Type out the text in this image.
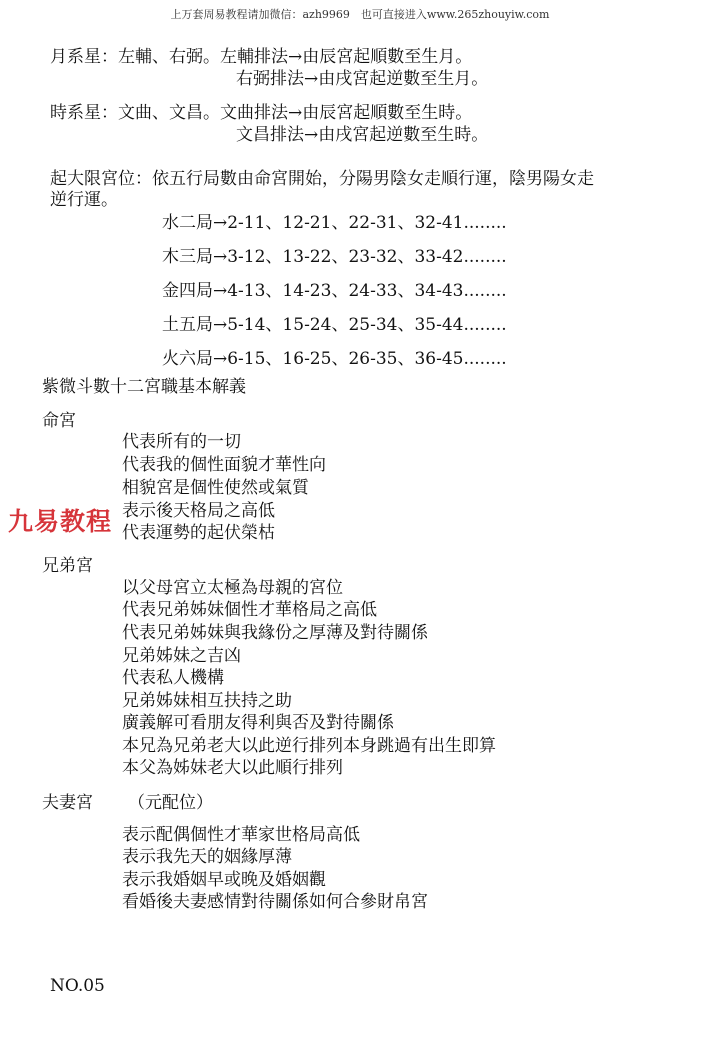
上万套周易教程请加微信：azh9969　也可直接进入www.265zhouyiw.com
月系星：左輔、右弼。左輔排法→由辰宮起順數至生月。
右弼排法→由戌宮起逆數至生月。
時系星：文曲、文昌。文曲排法→由辰宮起順數至生時。
文昌排法→由戌宮起逆數至生時。
起大限宮位：依五行局數由命宮開始，分陽男陰女走順行運，陰男陽女走
逆行運。
水二局→2-11、12-21、22-31、32-41........
木三局→3-12、13-22、23-32、33-42........
金四局→4-13、14-23、24-33、34-43........
土五局→5-14、15-24、25-34、35-44........
火六局→6-15、16-25、26-35、36-45........
紫微斗數十二宮職基本解義
命宮
代表所有的一切
代表我的個性面貌才華性向
相貌宮是個性使然或氣質
表示後天格局之高低
代表運勢的起伏榮枯
九易教程
兄弟宮
以父母宮立太極為母親的宮位
代表兄弟姊妹個性才華格局之高低
代表兄弟姊妹與我緣份之厚薄及對待關係
兄弟姊妹之吉凶
代表私人機構
兄弟姊妹相互扶持之助
廣義解可看朋友得利與否及對待關係
本兄為兄弟老大以此逆行排列本身跳過有出生即算
本父為姊妹老大以此順行排列
夫妻宮 （元配位）
表示配偶個性才華家世格局高低
表示我先天的姻緣厚薄
表示我婚姻早或晚及婚姻觀
看婚後夫妻感情對待關係如何合參財帛宮
NO.05
